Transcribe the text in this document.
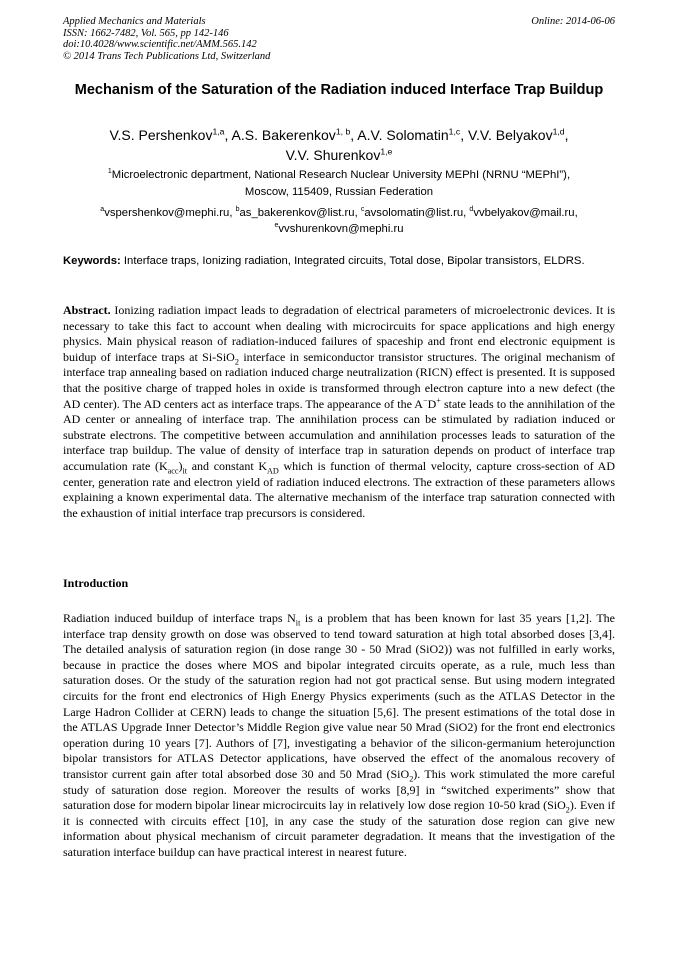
Applied Mechanics and Materials
ISSN: 1662-7482, Vol. 565, pp 142-146
doi:10.4028/www.scientific.net/AMM.565.142
© 2014 Trans Tech Publications Ltd, Switzerland
Online: 2014-06-06
Mechanism of the Saturation of the Radiation induced Interface Trap Buildup
V.S. Pershenkov$^{1,a}$, A.S. Bakerenkov$^{1, b}$, A.V. Solomatin$^{1,c}$, V.V. Belyakov$^{1,d}$,
V.V. Shurenkov$^{1,e}$
$^1$Microelectronic department, National Research Nuclear University MEPhI (NRNU “MEPhI”),
Moscow, 115409, Russian Federation
$^a$vspershenkov@mephi.ru, $^b$as_bakerenkov@list.ru, $^c$avsolomatin@list.ru, $^d$vvbelyakov@mail.ru,
$^e$vvshurenkovn@mephi.ru
Keywords: Interface traps, Ionizing radiation, Integrated circuits, Total dose, Bipolar transistors, ELDRS.
Abstract. Ionizing radiation impact leads to degradation of electrical parameters of microelectronic devices. It is necessary to take this fact to account when dealing with microcircuits for space applications and high energy physics. Main physical reason of radiation-induced failures of spaceship and front end electronic equipment is buidup of interface traps at Si-SiO$_2$ interface in semiconductor transistor structures. The original mechanism of interface trap annealing based on radiation induced charge neutralization (RICN) effect is presented. It is supposed that the positive charge of trapped holes in oxide is transformed through electron capture into a new defect (the AD center). The AD centers act as interface traps. The appearance of the A−D+ state leads to the annihilation of the AD center or annealing of interface trap. The annihilation process can be stimulated by radiation induced or substrate electrons. The competitive between accumulation and annihilation processes leads to saturation of the interface trap buildup. The value of density of interface trap in saturation depends on product of interface trap accumulation rate $(K_{acc})_{it}$ and constant $K_{AD}$ which is function of thermal velocity, capture cross-section of AD center, generation rate and electron yield of radiation induced electrons. The extraction of these parameters allows explaining a known experimental data. The alternative mechanism of the interface trap saturation connected with the exhaustion of initial interface trap precursors is considered.
Introduction
Radiation induced buildup of interface traps $N_{it}$ is a problem that has been known for last 35 years [1,2]. The interface trap density growth on dose was observed to tend toward saturation at high total absorbed doses [3,4]. The detailed analysis of saturation region (in dose range 30 - 50 Mrad (SiO2)) was not fulfilled in early works, because in practice the doses where MOS and bipolar integrated circuits operate, as a rule, much less than saturation doses. Or the study of the saturation region had not got practical sense. But using modern integrated circuits for the front end electronics of High Energy Physics experiments (such as the ATLAS Detector in the Large Hadron Collider at CERN) leads to change the situation [5,6]. The present estimations of the total dose in the ATLAS Upgrade Inner Detector’s Middle Region give value near 50 Mrad (SiO2) for the front end electronics operation during 10 years [7]. Authors of [7], investigating a behavior of the silicon-germanium heterojunction bipolar transistors for ATLAS Detector applications, have observed the effect of the anomalous recovery of transistor current gain after total absorbed dose 30 and 50 Mrad (SiO$_2$). This work stimulated the more careful study of saturation dose region. Moreover the results of works [8,9] in “switched experiments” show that saturation dose for modern bipolar linear microcircuits lay in relatively low dose region 10-50 krad (SiO$_2$). Even if it is connected with circuits effect [10], in any case the study of the saturation dose region can give new information about physical mechanism of circuit parameter degradation. It means that the investigation of the saturation interface buildup can have practical interest in nearest future.
